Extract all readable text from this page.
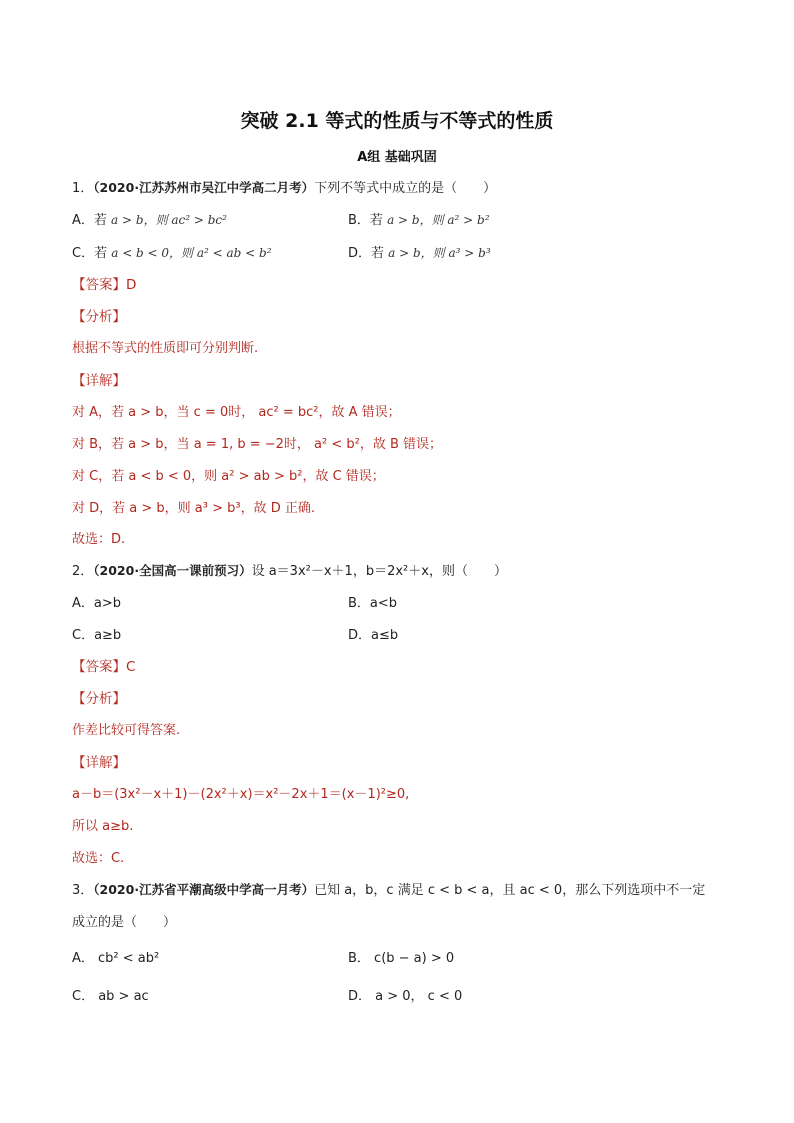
突破 2.1 等式的性质与不等式的性质
A组 基础巩固
1．（2020·江苏苏州市吴江中学高二月考）下列不等式中成立的是（　　）
A．若 a > b，则 ac² > bc²	B．若 a > b，则 a² > b²
C．若 a < b < 0，则 a² < ab < b²	D．若 a > b，则 a³ > b³
【答案】D
【分析】
根据不等式的性质即可分别判断.
【详解】
对 A，若 a > b，当 c = 0时， ac² = bc²，故 A 错误；
对 B，若 a > b，当 a = 1, b = −2时， a² < b²，故 B 错误；
对 C，若 a < b < 0，则 a² > ab > b²，故 C 错误；
对 D，若 a > b，则 a³ > b³，故 D 正确.
故选：D.
2．（2020·全国高一课前预习）设 a＝3x²－x＋1，b＝2x²＋x，则（　　）
A．a>b	B．a<b
C．a≥b	D．a≤b
【答案】C
【分析】
作差比较可得答案.
【详解】
a－b＝(3x²－x＋1)－(2x²＋x)＝x²－2x＋1＝(x－1)²≥0,
所以 a≥b.
故选：C.
3．（2020·江苏省平潮高级中学高一月考）已知 a，b，c 满足 c < b < a，且 ac < 0，那么下列选项中不一定
成立的是（　　）
A． cb² < ab²	B． c(b − a) > 0
C． ab > ac	D． a > 0， c < 0
